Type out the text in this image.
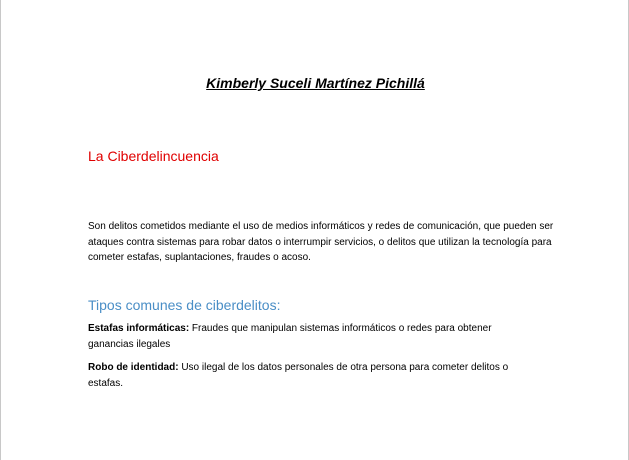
Kimberly Suceli Martínez Pichillá
La Ciberdelincuencia
Son delitos cometidos mediante el uso de medios informáticos y redes de comunicación, que pueden ser ataques contra sistemas para robar datos o interrumpir servicios, o delitos que utilizan la tecnología para cometer estafas, suplantaciones, fraudes o acoso.
Tipos comunes de ciberdelitos:
Estafas informáticas: Fraudes que manipulan sistemas informáticos o redes para obtener ganancias ilegales
Robo de identidad: Uso ilegal de los datos personales de otra persona para cometer delitos o estafas.
